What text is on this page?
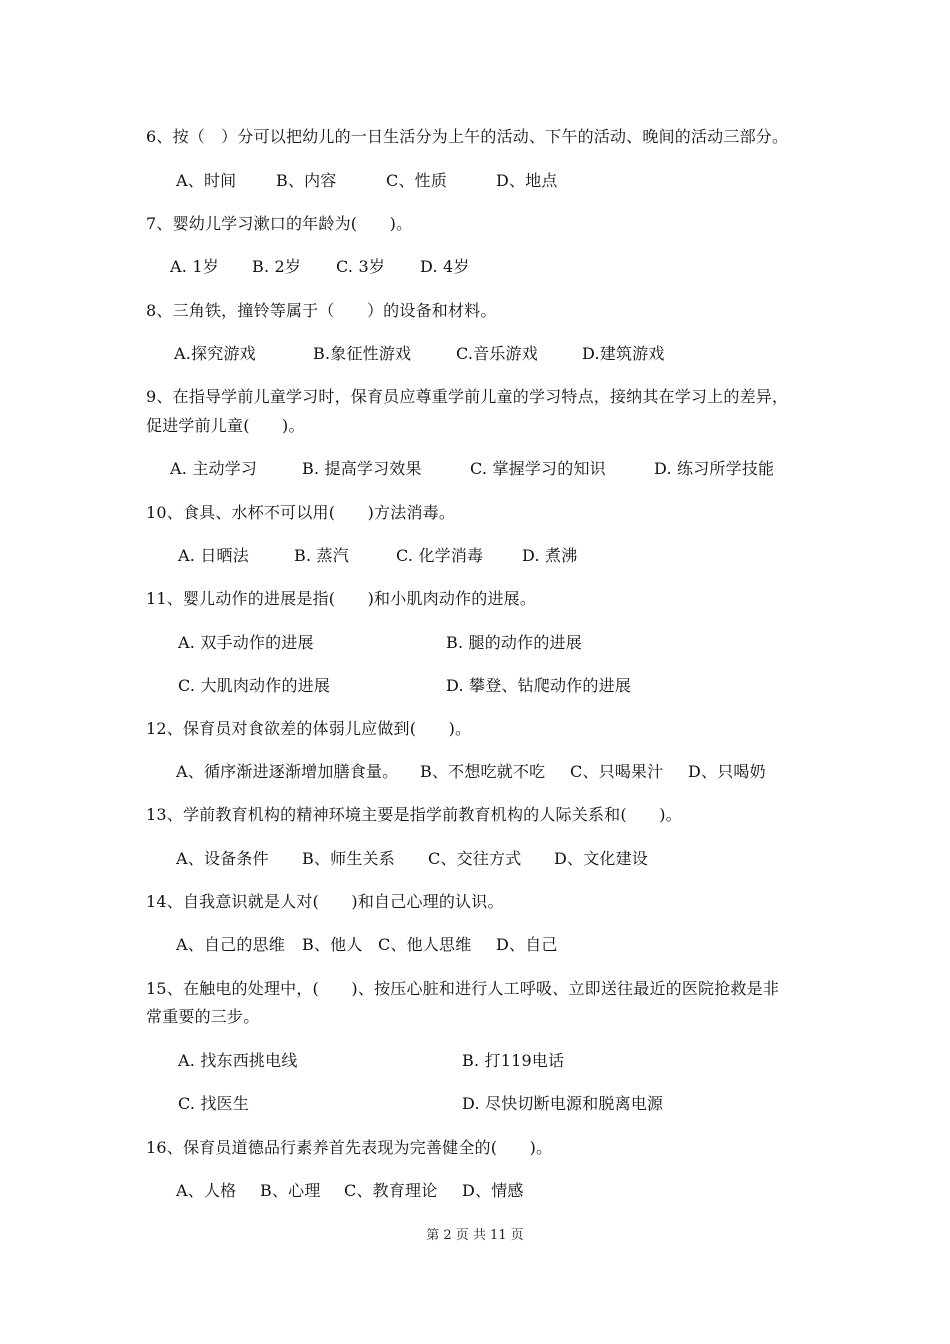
6、按（　）分可以把幼儿的一日生活分为上午的活动、下午的活动、晚间的活动三部分。
A、时间 B、内容	C、性质	D、地点
7、婴幼儿学习漱口的年龄为(　　)。
A. 1岁 B. 2岁 C. 3岁 D. 4岁
8、三角铁，撞铃等属于（　　）的设备和材料。
A.探究游戏	B.象征性游戏	C.音乐游戏	D.建筑游戏
9、在指导学前儿童学习时，保育员应尊重学前儿童的学习特点，接纳其在学习上的差异，
促进学前儿童(　　)。
A. 主动学习	B. 提高学习效果	C. 掌握学习的知识	D. 练习所学技能
10、食具、水杯不可以用(　　)方法消毒。
A. 日晒法	B. 蒸汽	C. 化学消毒 D. 煮沸
11、婴儿动作的进展是指(　　)和小肌肉动作的进展。
A. 双手动作的进展	B. 腿的动作的进展
C. 大肌肉动作的进展	D. 攀登、钻爬动作的进展
12、保育员对食欲差的体弱儿应做到(　　)。
A、循序渐进逐渐增加膳食量。 B、不想吃就不吃 C、只喝果汁 D、只喝奶
13、学前教育机构的精神环境主要是指学前教育机构的人际关系和(　　)。
A、设备条件 B、师生关系 C、交往方式 D、文化建设
14、自我意识就是人对(　　)和自己心理的认识。
A、自己的思维 B、他人 C、他人思维 D、自己
15、在触电的处理中，(　　)、按压心脏和进行人工呼吸、立即送往最近的医院抢救是非
常重要的三步。
A. 找东西挑电线	B. 打119电话
C. 找医生	D. 尽快切断电源和脱离电源
16、保育员道德品行素养首先表现为完善健全的(　　)。
A、人格 B、心理 C、教育理论 D、情感
第 2 页 共 11 页
